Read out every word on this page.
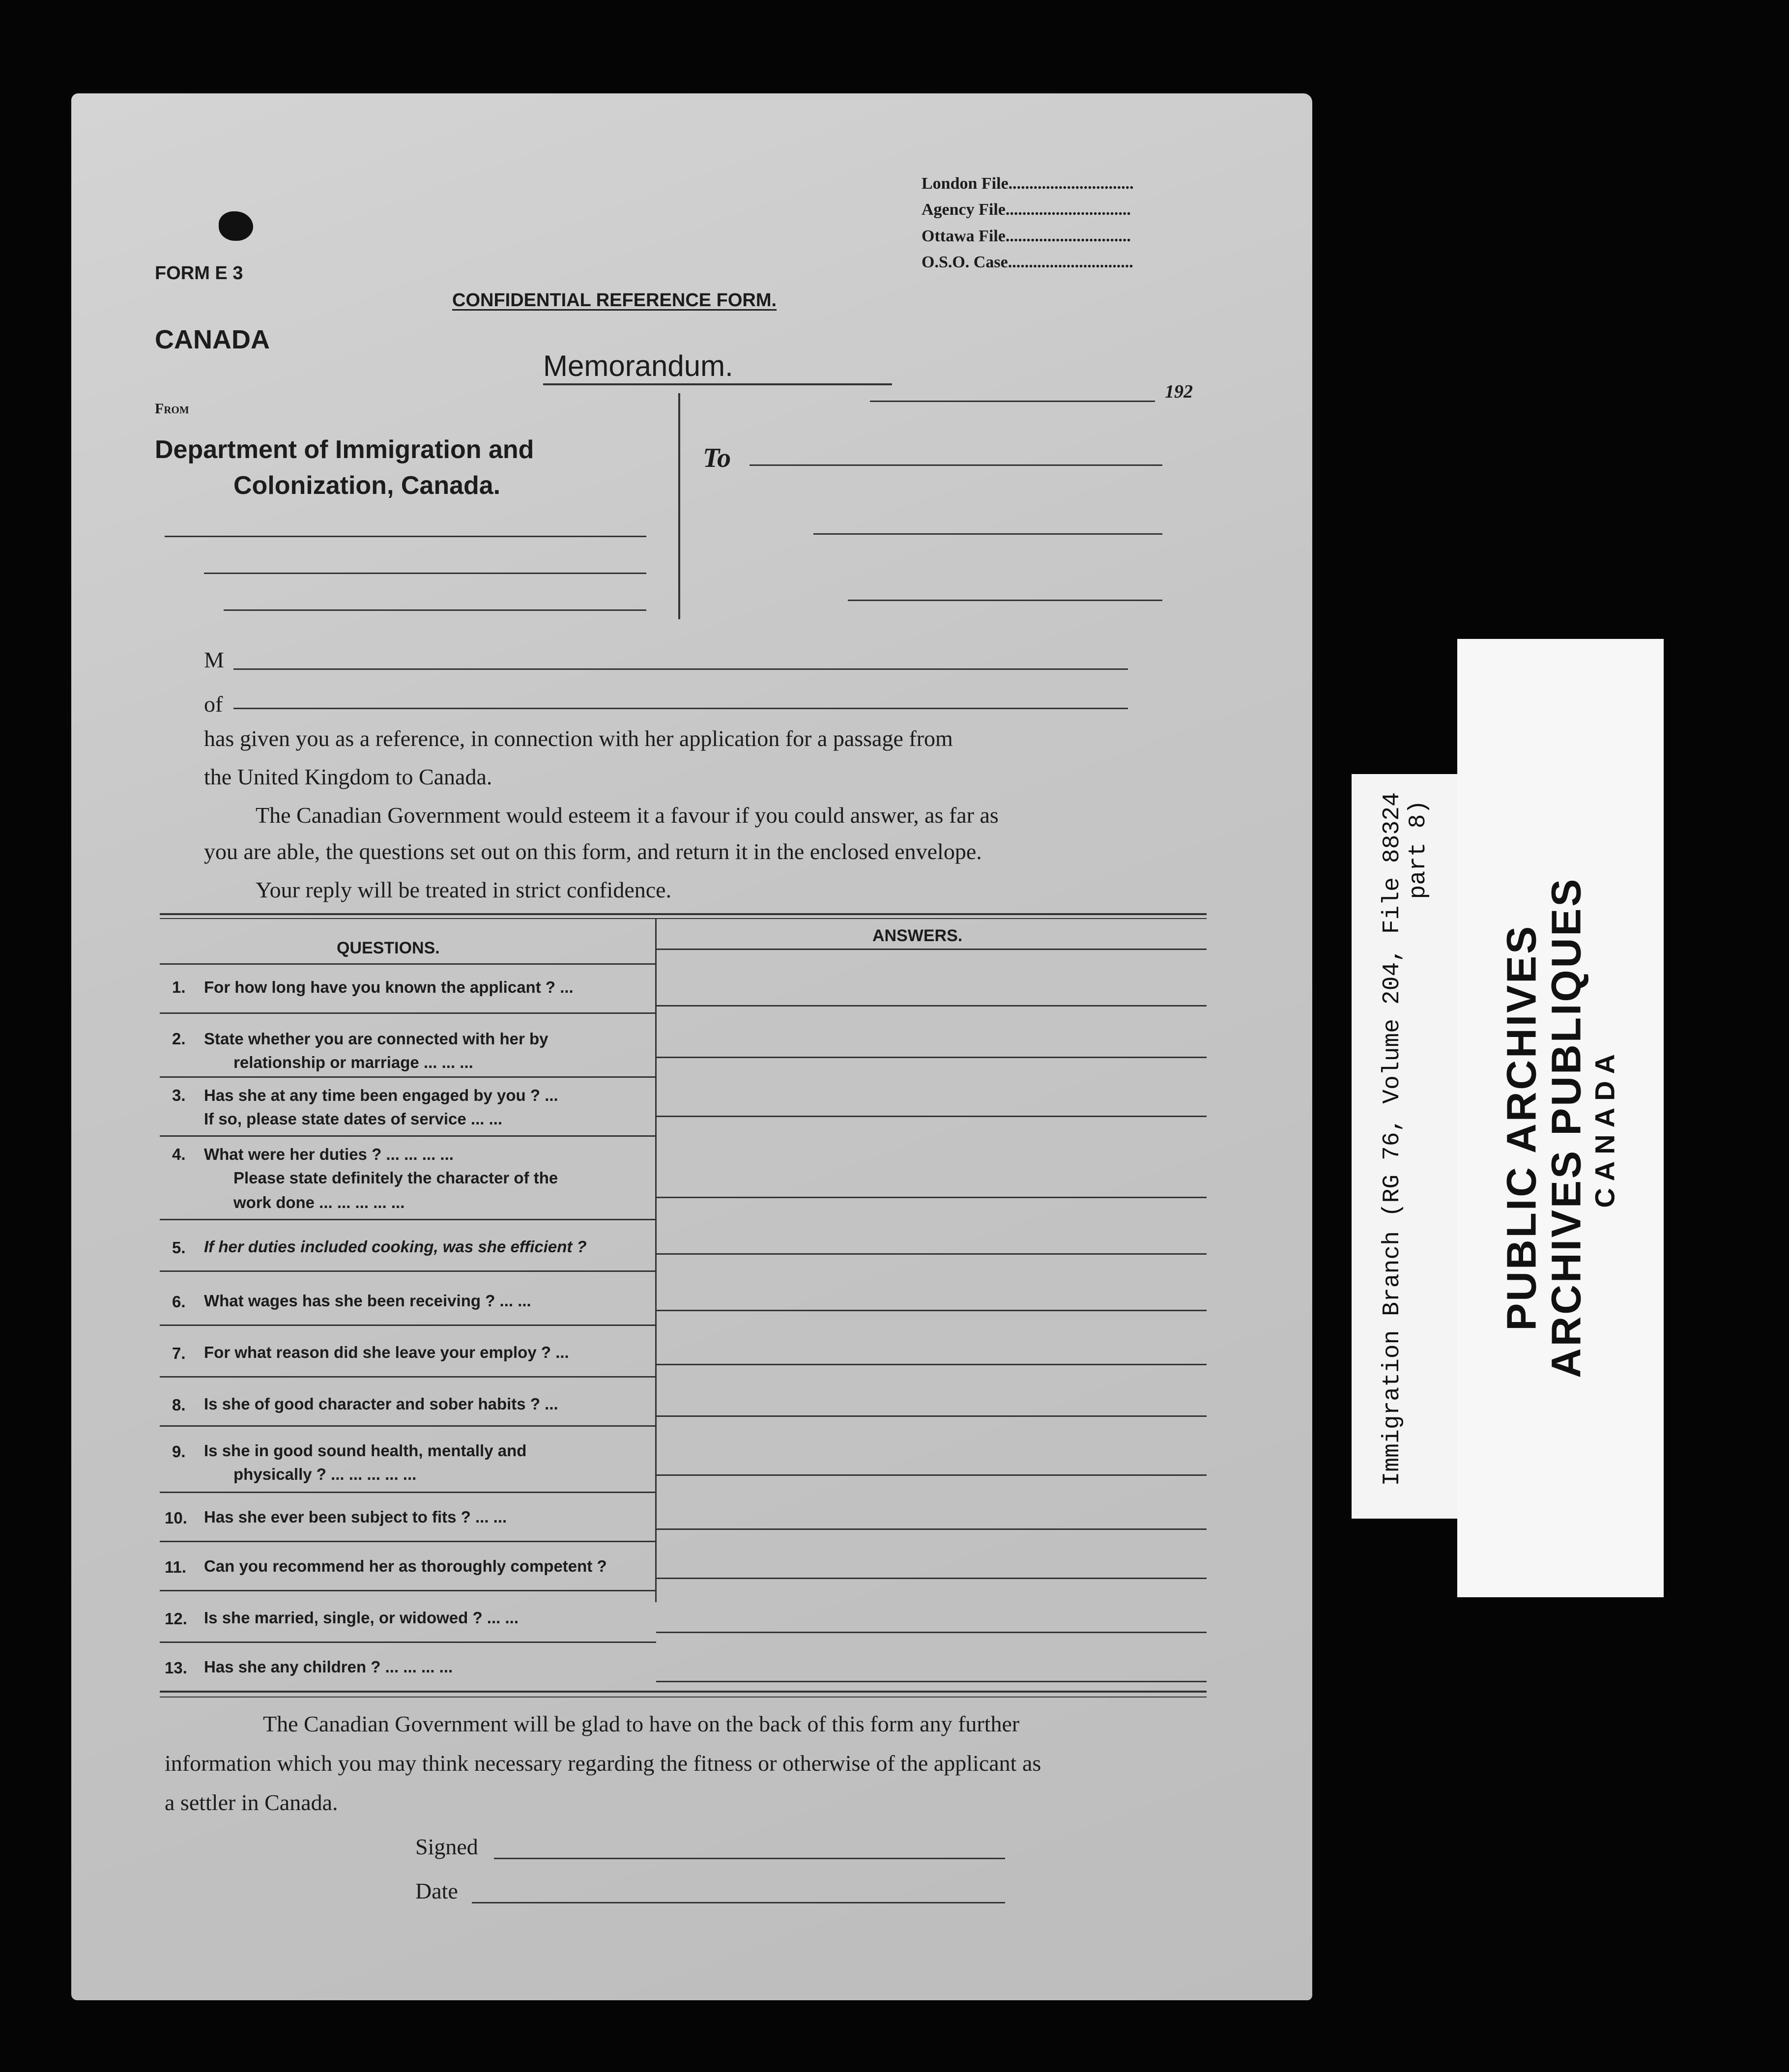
London File..............................
Agency File..............................
Ottawa File..............................
O.S.O. Case..............................
FORM E 3
CONFIDENTIAL REFERENCE FORM.
CANADA
Memorandum.
192
From
Department of Immigration and
Colonization, Canada.
To
M
of
has given you as a reference, in connection with her application for a passage from
the United Kingdom to Canada.
The Canadian Government would esteem it a favour if you could answer, as far as
you are able, the questions set out on this form, and return it in the enclosed envelope.
Your reply will be treated in strict confidence.
QUESTIONS.
ANSWERS.
1. For how long have you known the applicant ? ...
2. State whether you are connected with her by
relationship or marriage ... ... ...
3. Has she at any time been engaged by you ? ...
If so, please state dates of service ... ...
4. What were her duties ? ... ... ... ...
Please state definitely the character of the
work done ... ... ... ... ...
5. If her duties included cooking, was she efficient ?
6. What wages has she been receiving ? ... ...
7. For what reason did she leave your employ ? ...
8. Is she of good character and sober habits ? ...
9. Is she in good sound health, mentally and
physically ? ... ... ... ... ...
10. Has she ever been subject to fits ? ... ...
11. Can you recommend her as thoroughly competent ?
12. Is she married, single, or widowed ? ... ...
13. Has she any children ? ... ... ... ...
The Canadian Government will be glad to have on the back of this form any further
information which you may think necessary regarding the fitness or otherwise of the applicant as
a settler in Canada.
Signed
Date
Immigration Branch (RG 76, Volume 204, File 88324
part 8)
PUBLIC ARCHIVES
ARCHIVES PUBLIQUES CANADA
